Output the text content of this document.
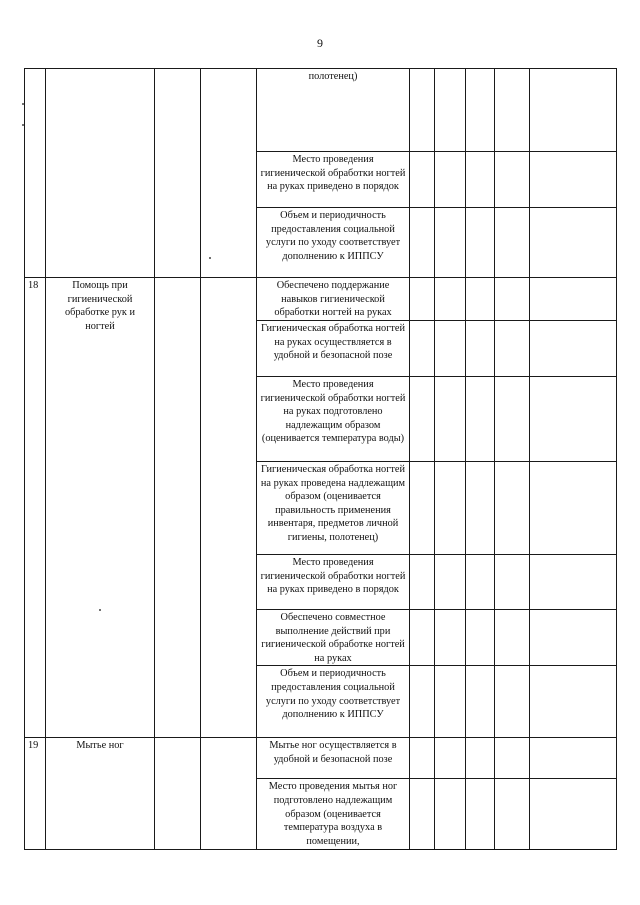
9
				полотенец)					
				Место проведения гигиенической обработки ногтей на руках приведено в порядок					
				Объем и периодичность предоставления социальной услуги по уходу соответствует дополнению к ИППСУ					
18	Помощь при гигиенической обработке рук и ногтей			Обеспечено поддержание навыков гигиенической обработки ногтей на руках					
				Гигиеническая обработка ногтей на руках осуществляется в удобной и безопасной позе					
				Место проведения гигиенической обработки ногтей на руках подготовлено надлежащим образом (оценивается температура воды)					
				Гигиеническая обработка ногтей на руках проведена надлежащим образом (оценивается правильность применения инвентаря, предметов личной гигиены, полотенец)					
				Место проведения гигиенической обработки ногтей на руках приведено в порядок					
				Обеспечено совместное выполнение действий при гигиенической обработке ногтей на руках					
				Объем и периодичность предоставления социальной услуги по уходу соответствует дополнению к ИППСУ					
19	Мытье ног			Мытье ног осуществляется в удобной и безопасной позе					
				Место проведения мытья ног подготовлено надлежащим образом (оценивается температура воздуха в помещении,					
